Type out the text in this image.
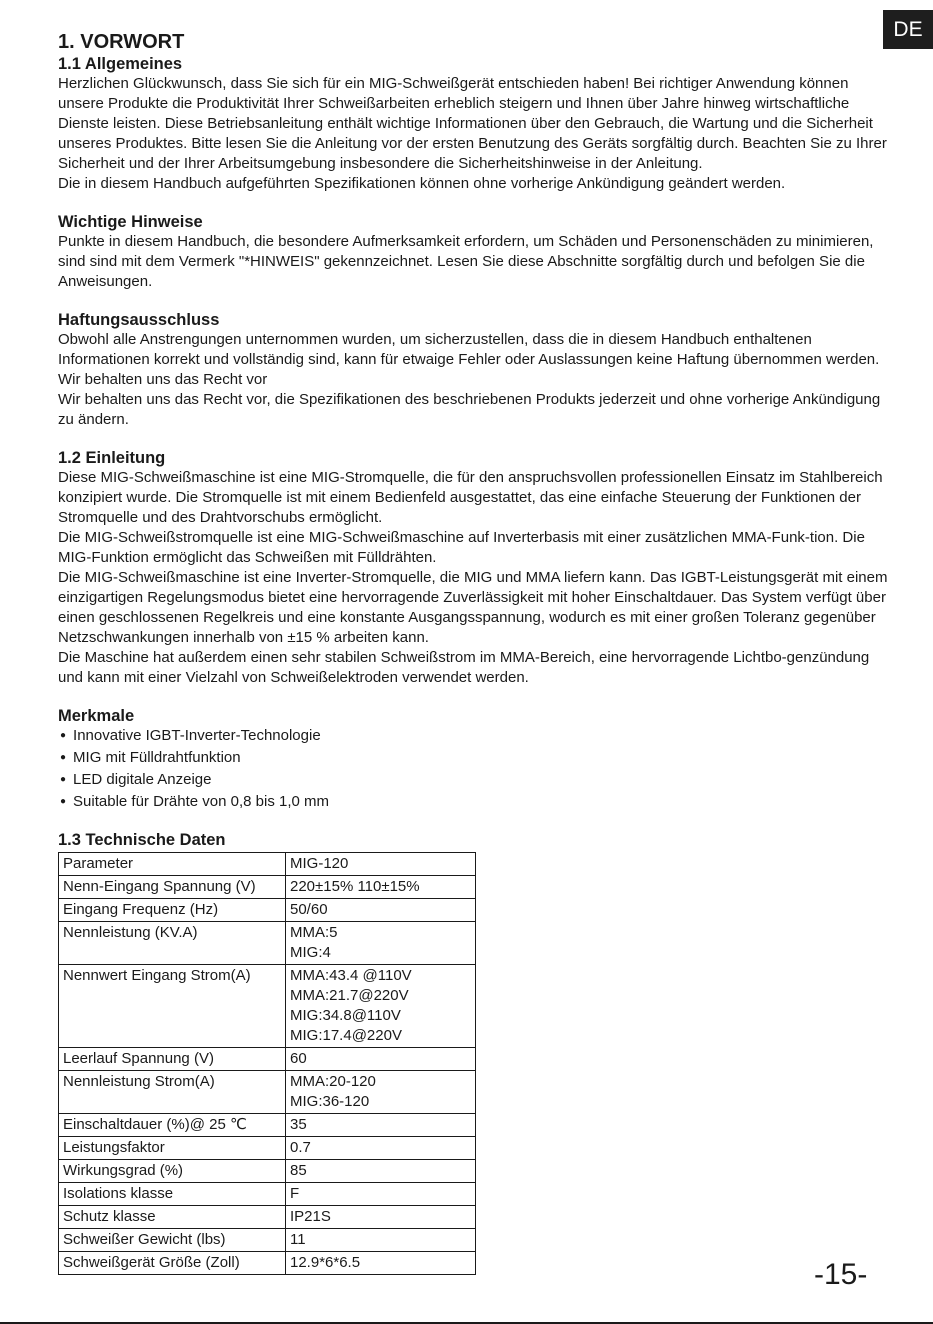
DE
1. VORWORT
1.1 Allgemeines

Herzlichen Glückwunsch, dass Sie sich für ein MIG-Schweißgerät entschieden haben! Bei richtiger Anwendung können unsere Produkte die Produktivität Ihrer Schweißarbeiten erheblich steigern und Ihnen über Jahre hinweg wirtschaftliche Dienste leisten. Diese Betriebsanleitung enthält wichtige Informationen über den Gebrauch, die Wartung und die Sicherheit unseres Produktes. Bitte lesen Sie die Anleitung vor der ersten Benutzung des Geräts sorgfältig durch. Beachten Sie zu Ihrer Sicherheit und der Ihrer Arbeitsumgebung insbesondere die Sicherheitshinweise in der Anleitung.

Die in diesem Handbuch aufgeführten Spezifikationen können ohne vorherige Ankündigung geändert werden.

Wichtige Hinweise

Punkte in diesem Handbuch, die besondere Aufmerksamkeit erfordern, um Schäden und Personenschäden zu minimieren, sind sind mit dem Vermerk "*HINWEIS" gekennzeichnet. Lesen Sie diese Abschnitte sorgfältig durch und befolgen Sie die Anweisungen.

Haftungsausschluss

Obwohl alle Anstrengungen unternommen wurden, um sicherzustellen, dass die in diesem Handbuch enthaltenen Informationen korrekt und vollständig sind, kann für etwaige Fehler oder Auslassungen keine Haftung übernommen werden. Wir behalten uns das Recht vor

Wir behalten uns das Recht vor, die Spezifikationen des beschriebenen Produkts jederzeit und ohne vorherige Ankündigung zu ändern.

1.2 Einleitung

Diese MIG-Schweißmaschine ist eine MIG-Stromquelle, die für den anspruchsvollen professionellen Einsatz im Stahlbereich konzipiert wurde. Die Stromquelle ist mit einem Bedienfeld ausgestattet, das eine einfache Steuerung der Funktionen der Stromquelle und des Drahtvorschubs ermöglicht.

Die MIG-Schweißstromquelle ist eine MIG-Schweißmaschine auf Inverterbasis mit einer zusätzlichen MMA-Funk-tion. Die MIG-Funktion ermöglicht das Schweißen mit Fülldrähten.

Die MIG-Schweißmaschine ist eine Inverter-Stromquelle, die MIG und MMA liefern kann. Das IGBT-Leistungsgerät mit einem einzigartigen Regelungsmodus bietet eine hervorragende Zuverlässigkeit mit hoher Einschaltdauer. Das System verfügt über einen geschlossenen Regelkreis und eine konstante Ausgangsspannung, wodurch es mit einer großen Toleranz gegenüber Netzschwankungen innerhalb von ±15 % arbeiten kann.

Die Maschine hat außerdem einen sehr stabilen Schweißstrom im MMA-Bereich, eine hervorragende Lichtbo-genzündung und kann mit einer Vielzahl von Schweißelektroden verwendet werden.

Merkmale
● Innovative IGBT-Inverter-Technologie
● MIG mit Fülldrahtfunktion
● LED digitale Anzeige
● Suitable für Drähte von 0,8 bis 1,0 mm
1.3 Technische Daten
Parameter	MIG-120

Nenn-Eingang Spannung (V)	220±15% 110±15%

Eingang Frequenz (Hz)	50/60

Nennleistung (KV.A)	MMA:5
MIG:4

Nennwert Eingang Strom(A)	MMA:43.4 @110V
MMA:21.7@220V
MIG:34.8@110V
MIG:17.4@220V

Leerlauf Spannung (V)	60

Nennleistung Strom(A)	MMA:20-120
MIG:36-120

Einschaltdauer (%)@ 25 ℃	35

Leistungsfaktor	0.7

Wirkungsgrad (%)	85

Isolations klasse	F

Schutz klasse	IP21S

Schweißer Gewicht (lbs)	11

Schweißgerät Größe (Zoll)	12.9*6*6.5	-15-
